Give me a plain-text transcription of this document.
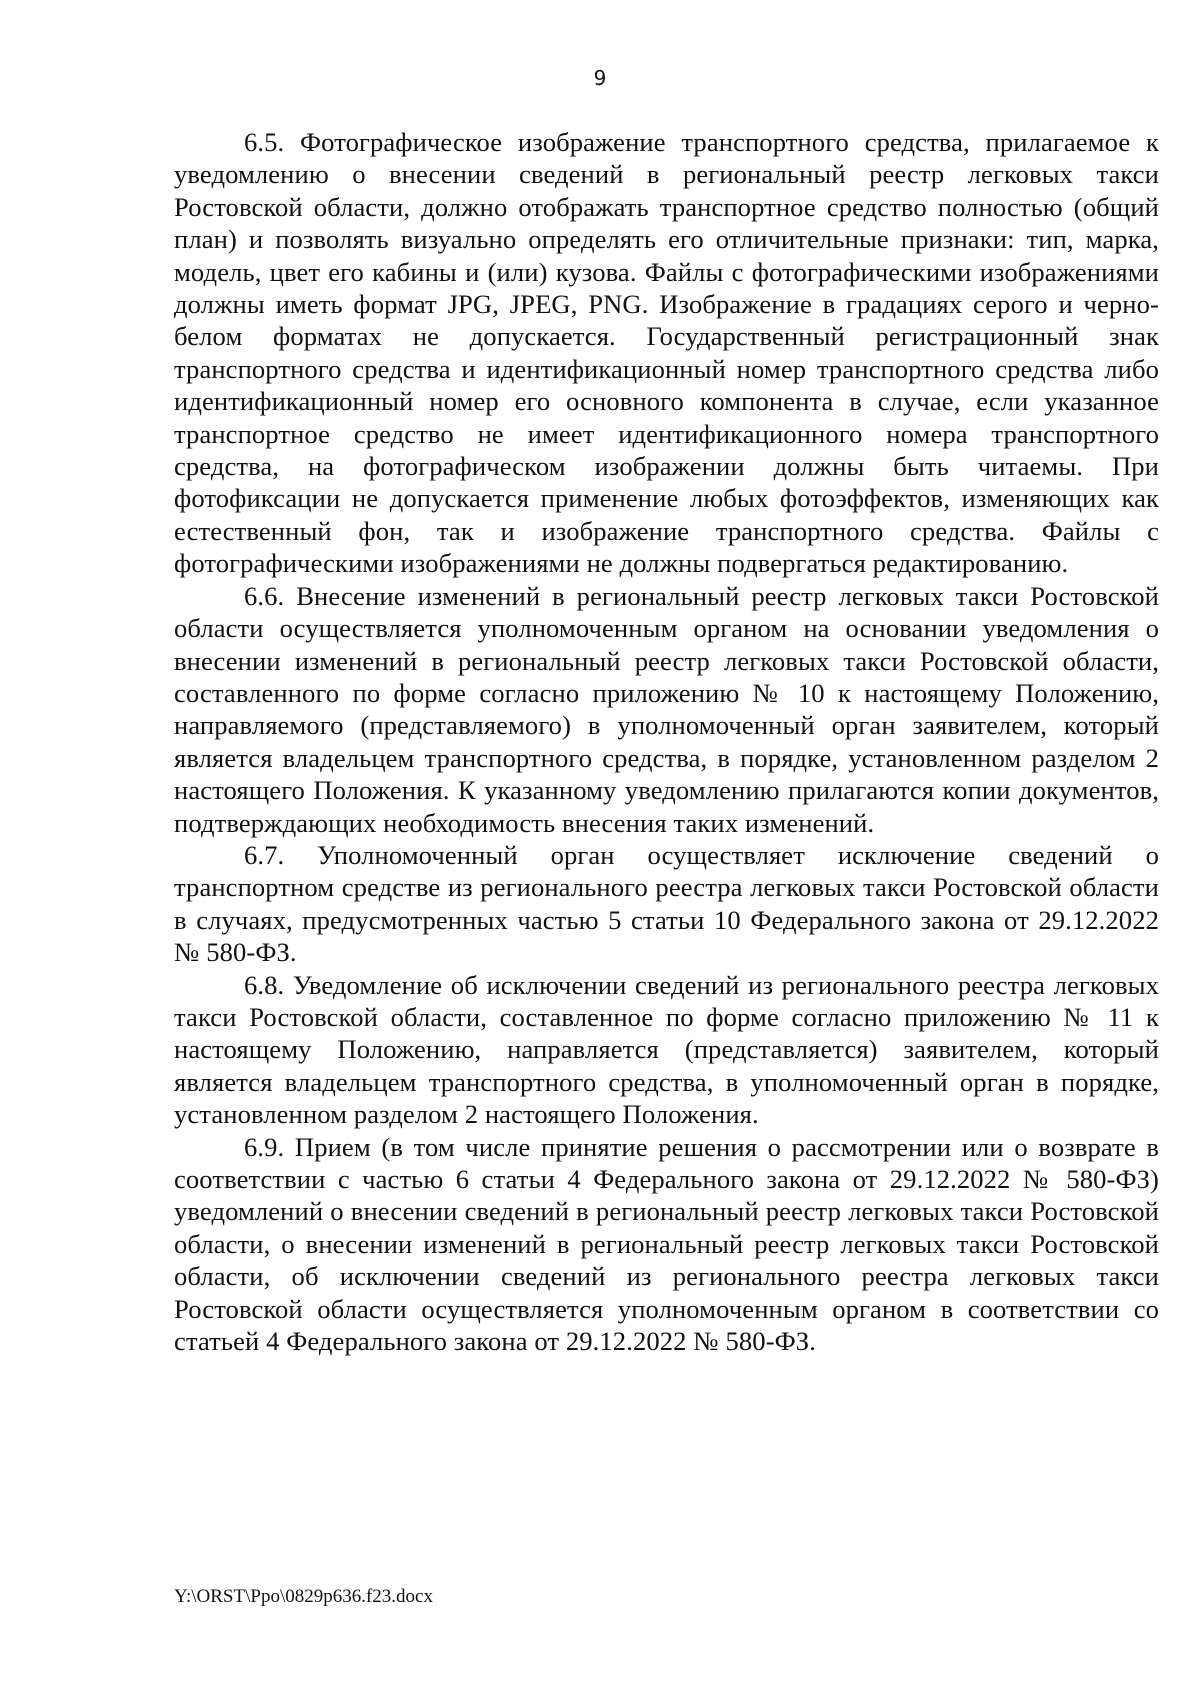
9

6.5. Фотографическое изображение транспортного средства, прилагаемое к уведомлению о внесении сведений в региональный реестр легковых такси Ростовской области, должно отображать транспортное средство полностью (общий план) и позволять визуально определять его отличительные признаки: тип, марка, модель, цвет его кабины и (или) кузова. Файлы с фотографическими изображениями должны иметь формат JPG, JPEG, PNG. Изображение в градациях серого и черно-белом форматах не допускается. Государственный регистрационный знак транспортного средства и идентификационный номер транспортного средства либо идентификационный номер его основного компонента в случае, если указанное транспортное средство не имеет идентификационного номера транспортного средства, на фотографическом изображении должны быть читаемы. При фотофиксации не допускается применение любых фотоэффектов, изменяющих как естественный фон, так и изображение транспортного средства. Файлы с фотографическими изображениями не должны подвергаться редактированию.

6.6. Внесение изменений в региональный реестр легковых такси Ростовской области осуществляется уполномоченным органом на основании уведомления о внесении изменений в региональный реестр легковых такси Ростовской области, составленного по форме согласно приложению № 10 к настоящему Положению, направляемого (представляемого) в уполномоченный орган заявителем, который является владельцем транспортного средства, в порядке, установленном разделом 2 настоящего Положения. К указанному уведомлению прилагаются копии документов, подтверждающих необходимость внесения таких изменений.

6.7. Уполномоченный орган осуществляет исключение сведений о транспортном средстве из регионального реестра легковых такси Ростовской области в случаях, предусмотренных частью 5 статьи 10 Федерального закона от 29.12.2022 № 580-ФЗ.

6.8. Уведомление об исключении сведений из регионального реестра легковых такси Ростовской области, составленное по форме согласно приложению № 11 к настоящему Положению, направляется (представляется) заявителем, который является владельцем транспортного средства, в уполномоченный орган в порядке, установленном разделом 2 настоящего Положения.

6.9. Прием (в том числе принятие решения о рассмотрении или о возврате в соответствии с частью 6 статьи 4 Федерального закона от 29.12.2022 № 580-ФЗ) уведомлений о внесении сведений в региональный реестр легковых такси Ростовской области, о внесении изменений в региональный реестр легковых такси Ростовской области, об исключении сведений из регионального реестра легковых такси Ростовской области осуществляется уполномоченным органом в соответствии со статьей 4 Федерального закона от 29.12.2022 № 580-ФЗ.

Y:\ORST\Ppo\0829p636.f23.docx
